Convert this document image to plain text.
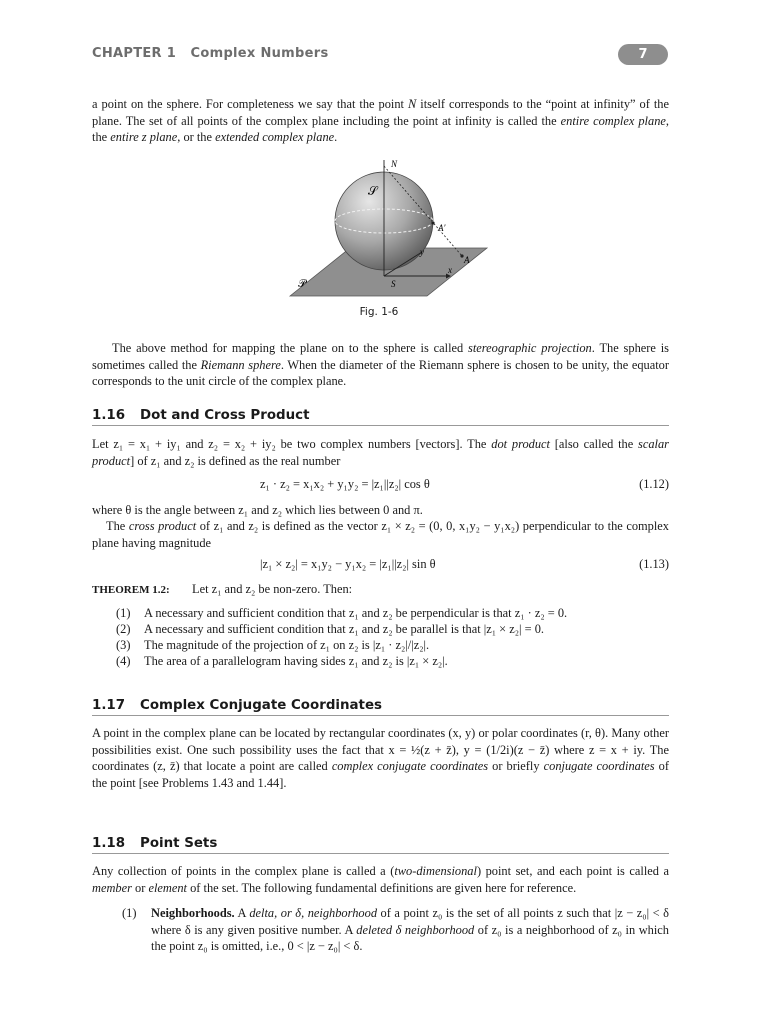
CHAPTER 1 Complex Numbers	7

a point on the sphere. For completeness we say that the point N itself corresponds to the “point at infinity” of the plane. The set of all points of the complex plane including the point at infinity is called the entire complex plane, the entire z plane, or the extended complex plane.

N
𝒮
A′
y
A
x
𝒫	S
Fig. 1-6

The above method for mapping the plane on to the sphere is called stereographic projection. The sphere is sometimes called the Riemann sphere. When the diameter of the Riemann sphere is chosen to be unity, the equator corresponds to the unit circle of the complex plane.

1.16 Dot and Cross Product

Let z₁ = x₁ + iy₁ and z₂ = x₂ + iy₂ be two complex numbers [vectors]. The dot product [also called the scalar product] of z₁ and z₂ is defined as the real number

z₁ · z₂ = x₁x₂ + y₁y₂ = |z₁||z₂| cos θ	(1.12)

where θ is the angle between z₁ and z₂ which lies between 0 and π.

The cross product of z₁ and z₂ is defined as the vector z₁ × z₂ = (0, 0, x₁y₂ − y₁x₂) perpendicular to the complex plane having magnitude

|z₁ × z₂| = x₁y₂ − y₁x₂ = |z₁||z₂| sin θ	(1.13)
THEOREM 1.2: Let z₁ and z₂ be non-zero. Then:
(1) A necessary and sufficient condition that z₁ and z₂ be perpendicular is that z₁ · z₂ = 0.
(2) A necessary and sufficient condition that z₁ and z₂ be parallel is that |z₁ × z₂| = 0.
(3) The magnitude of the projection of z₁ on z₂ is |z₁ · z₂|/|z₂|.
(4) The area of a parallelogram having sides z₁ and z₂ is |z₁ × z₂|.
1.17 Complex Conjugate Coordinates

A point in the complex plane can be located by rectangular coordinates (x, y) or polar coordinates (r, θ). Many other possibilities exist. One such possibility uses the fact that x = ½(z + z̄), y = (1/2i)(z − z̄) where z = x + iy. The coordinates (z, z̄) that locate a point are called complex conjugate coordinates or briefly conjugate coordinates of the point [see Problems 1.43 and 1.44].

1.18 Point Sets

Any collection of points in the complex plane is called a (two-dimensional) point set, and each point is called a member or element of the set. The following fundamental definitions are given here for reference.

(1) Neighborhoods. A delta, or δ, neighborhood of a point z₀ is the set of all points z such that |z − z₀| < δ where δ is any given positive number. A deleted δ neighborhood of z₀ is a neighborhood of z₀ in which the point z₀ is omitted, i.e., 0 < |z − z₀| < δ.
